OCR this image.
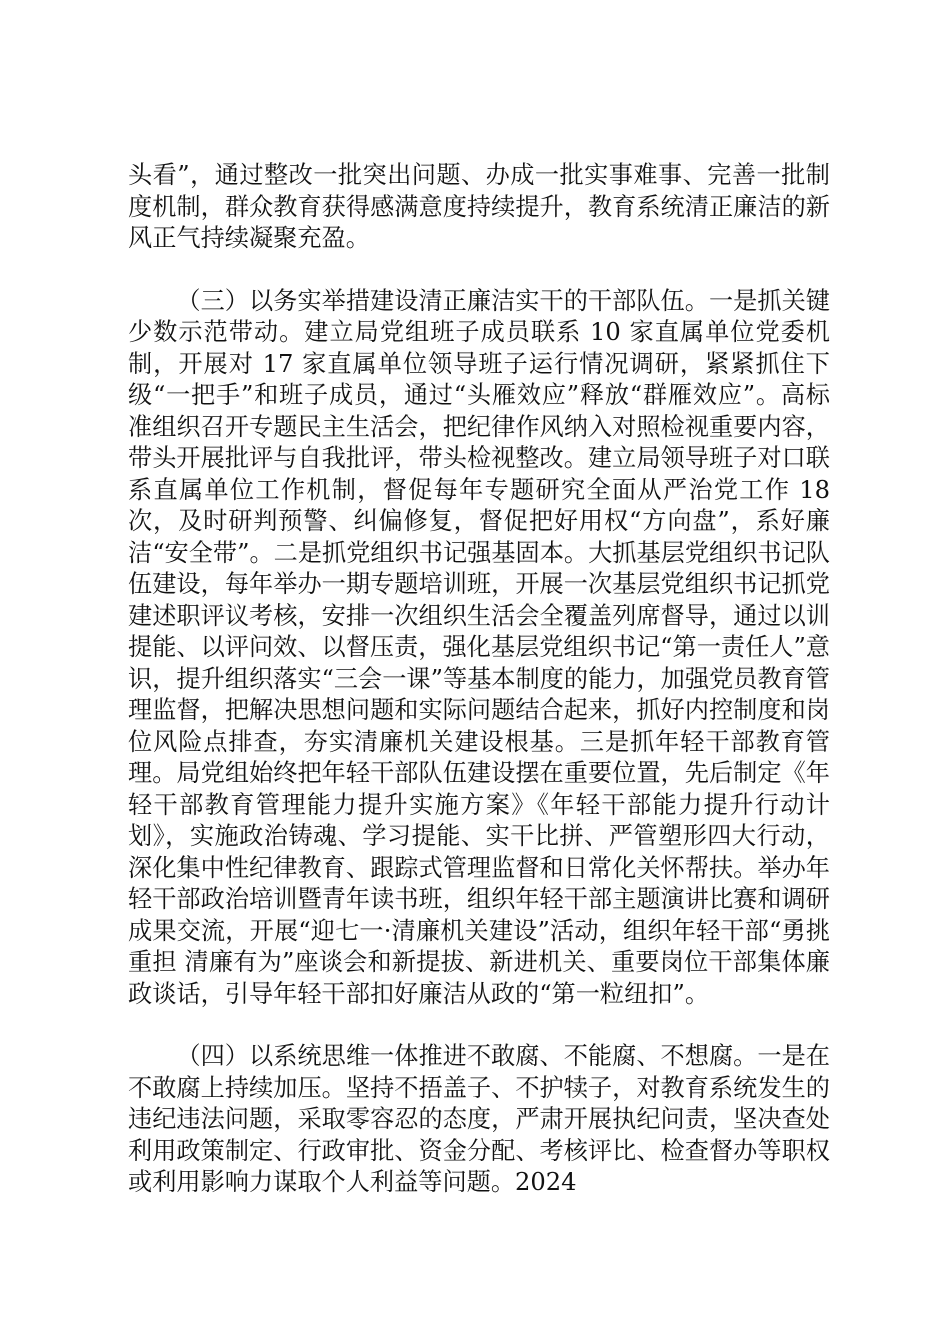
头看”，通过整改一批突出问题、办成一批实事难事、完善一批制度机制，群众教育获得感满意度持续提升，教育系统清正廉洁的新风正气持续凝聚充盈。

（三）以务实举措建设清正廉洁实干的干部队伍。一是抓关键少数示范带动。建立局党组班子成员联系 10 家直属单位党委机制，开展对 17 家直属单位领导班子运行情况调研，紧紧抓住下级“一把手”和班子成员，通过“头雁效应”释放“群雁效应”。高标准组织召开专题民主生活会，把纪律作风纳入对照检视重要内容，带头开展批评与自我批评，带头检视整改。建立局领导班子对口联系直属单位工作机制，督促每年专题研究全面从严治党工作 18 次，及时研判预警、纠偏修复，督促把好用权“方向盘”，系好廉洁“安全带”。二是抓党组织书记强基固本。大抓基层党组织书记队伍建设，每年举办一期专题培训班，开展一次基层党组织书记抓党建述职评议考核，安排一次组织生活会全覆盖列席督导，通过以训提能、以评问效、以督压责，强化基层党组织书记“第一责任人”意识，提升组织落实“三会一课”等基本制度的能力，加强党员教育管理监督，把解决思想问题和实际问题结合起来，抓好内控制度和岗位风险点排查，夯实清廉机关建设根基。三是抓年轻干部教育管理。局党组始终把年轻干部队伍建设摆在重要位置，先后制定《年轻干部教育管理能力提升实施方案》《年轻干部能力提升行动计划》，实施政治铸魂、学习提能、实干比拼、严管塑形四大行动，深化集中性纪律教育、跟踪式管理监督和日常化关怀帮扶。举办年轻干部政治培训暨青年读书班，组织年轻干部主题演讲比赛和调研成果交流，开展“迎七一·清廉机关建设”活动，组织年轻干部“勇挑重担 清廉有为”座谈会和新提拔、新进机关、重要岗位干部集体廉政谈话，引导年轻干部扣好廉洁从政的“第一粒纽扣”。

（四）以系统思维一体推进不敢腐、不能腐、不想腐。一是在不敢腐上持续加压。坚持不捂盖子、不护犊子，对教育系统发生的违纪违法问题，采取零容忍的态度，严肃开展执纪问责，坚决查处利用政策制定、行政审批、资金分配、考核评比、检查督办等职权或利用影响力谋取个人利益等问题。2024
